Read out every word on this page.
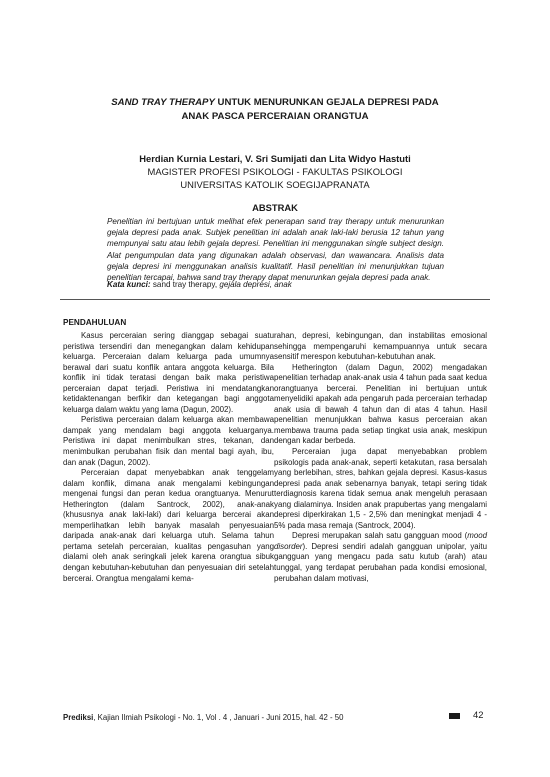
SAND TRAY THERAPY UNTUK MENURUNKAN GEJALA DEPRESI PADA
ANAK PASCA PERCERAIAN ORANGTUA
Herdian Kurnia Lestari, V. Sri Sumijati dan Lita Widyo Hastuti
MAGISTER PROFESI PSIKOLOGI - FAKULTAS PSIKOLOGI
UNIVERSITAS KATOLIK SOEGIJAPRANATA
ABSTRAK
Penelitian ini bertujuan untuk melihat efek penerapan sand tray therapy untuk menurunkan gejala depresi pada anak. Subjek penelitian ini adalah anak laki-laki berusia 12 tahun yang mempunyai satu atau lebih gejala depresi. Penelitian ini menggunakan single subject design. Alat pengumpulan data yang digunakan adalah observasi, dan wawancara. Analisis data gejala depresi ini menggunakan analisis kualitatif. Hasil penelitian ini menunjukkan tujuan penelitian tercapai, bahwa sand tray therapy dapat menurunkan gejala depresi pada anak.
Kata kunci: sand tray therapy, gejala depresi, anak
PENDAHULUAN

Kasus perceraian sering dianggap sebagai suatu peristiwa tersendiri dan menegangkan dalam kehidupan keluarga. Perceraian dalam keluarga pada umumnya berawal dari suatu konflik antara anggota keluarga. Bila konflik ini tidak teratasi dengan baik maka peristiwa perceraian dapat terjadi. Peristiwa ini mendatangkan ketidaktenangan berfikir dan ketegangan bagi anggota keluarga dalam waktu yang lama (Dagun, 2002).

Peristiwa perceraian dalam keluarga akan membawa dampak yang mendalam bagi anggota keluarganya. Peristiwa ini dapat menimbulkan stres, tekanan, dan menimbulkan perubahan fisik dan mental bagi ayah, ibu, dan anak (Dagun, 2002).

Perceraian dapat menyebabkan anak tenggelam dalam konflik, dimana anak mengalami kebingungan mengenai fungsi dan peran kedua orangtuanya. Menurut Hetherington (dalam Santrock, 2002), anak-anak (khususnya anak laki-laki) dari keluarga bercerai akan memperlihatkan lebih banyak masalah penyesuaian daripada anak-anak dari keluarga utuh. Selama tahun pertama setelah perceraian, kualitas pengasuhan yang dialami oleh anak seringkali jelek karena orangtua sibuk dengan kebutuhan-kebutuhan dan penyesuaian diri setelah bercerai. Orangtua mengalami kema-

rahan, depresi, kebingungan, dan instabilitas emosional sehingga mempengaruhi kemampuannya untuk secara sensitif merespon kebutuhan-kebutuhan anak.

Hetherington (dalam Dagun, 2002) mengadakan penelitian terhadap anak-anak usia 4 tahun pada saat kedua orangtuanya bercerai. Penelitian ini bertujuan untuk menyelidiki apakah ada pengaruh pada perceraian terhadap anak usia di bawah 4 tahun dan di atas 4 tahun. Hasil penelitian menunjukkan bahwa kasus perceraian akan membawa trauma pada setiap tingkat usia anak, meskipun dengan kadar berbeda.

Perceraian juga dapat menyebabkan problem psikologis pada anak-anak, seperti ketakutan, rasa bersalah yang berlebihan, stres, bahkan gejala depresi. Kasus-kasus depresi pada anak sebenarnya banyak, tetapi sering tidak terdiagnosis karena tidak semua anak mengeluh perasaan yang dialaminya. Insiden anak prapubertas yang mengalami depresi diperkirakan 1,5 - 2,5% dan meningkat menjadi 4 - 5% pada masa remaja (Santrock, 2004).

Depresi merupakan salah satu gangguan mood (mood disorder). Depresi sendiri adalah gangguan unipolar, yaitu gangguan yang mengacu pada satu kutub (arah) atau tunggal, yang terdapat perubahan pada kondisi emosional, perubahan dalam motivasi,

Prediksi, Kajian Ilmiah Psikologi - No. 1, Vol . 4 , Januari - Juni 2015, hal. 42 - 50	42
